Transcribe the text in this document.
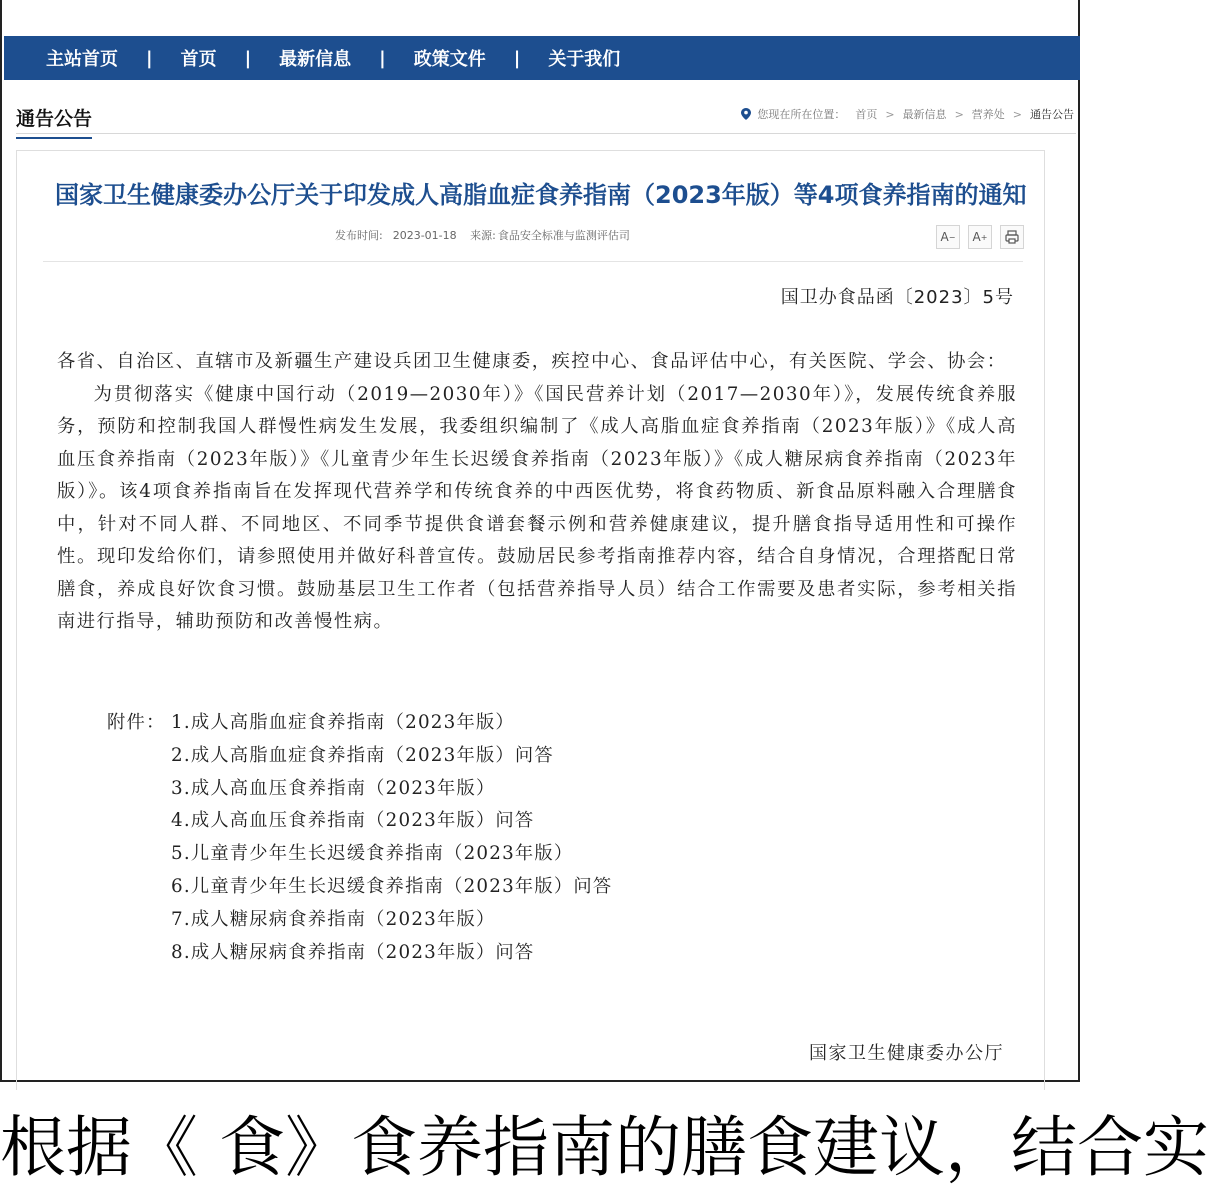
主站首页 | 首页 | 最新信息 | 政策文件 | 关于我们
通告公告	您现在所在位置： 首页 > 最新信息 > 营养处 > 通告公告
国家卫生健康委办公厅关于印发成人高脂血症食养指南（2023年版）等4项食养指南的通知
发布时间: 2023-01-18 来源: 食品安全标准与监测评估司	A − A +
国卫办食品函〔2023〕5号

各省、自治区、直辖市及新疆生产建设兵团卫生健康委，疾控中心、食品评估中心，有关医院、学会、协会：

为贯彻落实《健康中国行动（2019—2030年）》《国民营养计划（2017—2030年）》，发展传统食养服务，预防和控制我国人群慢性病发生发展，我委组织编制了《成人高脂血症食养指南（2023年版）》《成人高血压食养指南（2023年版）》《儿童青少年生长迟缓食养指南（2023年版）》《成人糖尿病食养指南（2023年版）》。该4项食养指南旨在发挥现代营养学和传统食养的中西医优势，将食药物质、新食品原料融入合理膳食中，针对不同人群、不同地区、不同季节提供食谱套餐示例和营养健康建议，提升膳食指导适用性和可操作性。现印发给你们，请参照使用并做好科普宣传。鼓励居民参考指南推荐内容，结合自身情况，合理搭配日常膳食，养成良好饮食习惯。鼓励基层卫生工作者（包括营养指导人员）结合工作需要及患者实际，参考相关指南进行指导，辅助预防和改善慢性病。

附件： 1.成人高脂血症食养指南（2023年版）
2.成人高脂血症食养指南（2023年版）问答
3.成人高血压食养指南（2023年版）
4.成人高血压食养指南（2023年版）问答
5.儿童青少年生长迟缓食养指南（2023年版）
6.儿童青少年生长迟缓食养指南（2023年版）问答
7.成人糖尿病食养指南（2023年版）
8.成人糖尿病食养指南（2023年版）问答
国家卫生健康委办公厅
根据《 食》食养指南的膳食建议，结合实
